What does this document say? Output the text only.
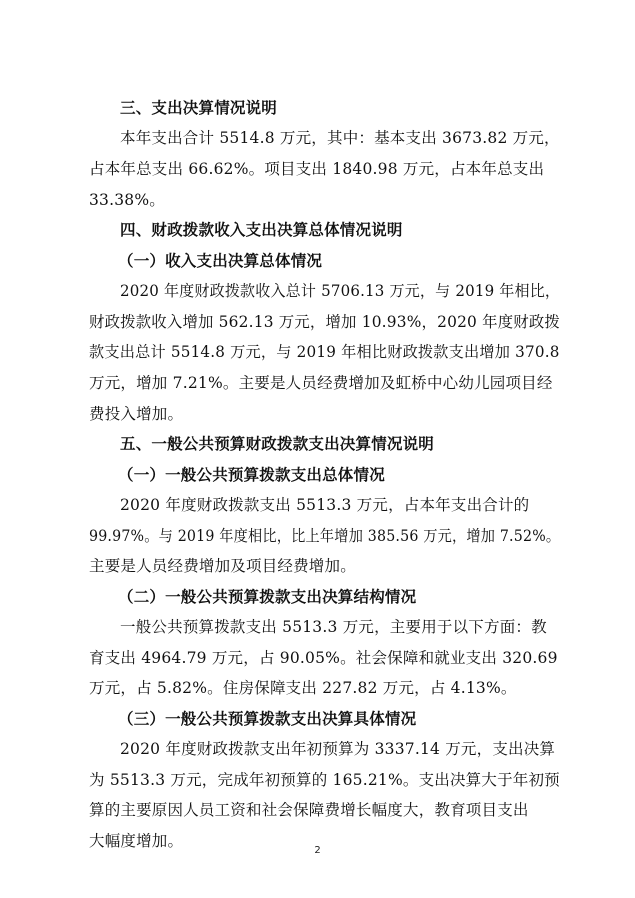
三、支出决算情况说明
本年支出合计 5514.8 万元，其中：基本支出 3673.82 万元，
占本年总支出 66.62%。项目支出 1840.98 万元，占本年总支出
33.38%。
四、财政拨款收入支出决算总体情况说明
（一）收入支出决算总体情况
2020 年度财政拨款收入总计 5706.13 万元，与 2019 年相比，
财政拨款收入增加 562.13 万元，增加 10.93%，2020 年度财政拨
款支出总计 5514.8 万元，与 2019 年相比财政拨款支出增加 370.8
万元，增加 7.21%。主要是人员经费增加及虹桥中心幼儿园项目经
费投入增加。
五、一般公共预算财政拨款支出决算情况说明
（一）一般公共预算拨款支出总体情况
2020 年度财政拨款支出 5513.3 万元，占本年支出合计的
99.97%。与 2019 年度相比，比上年增加 385.56 万元，增加 7.52%。
主要是人员经费增加及项目经费增加。
（二）一般公共预算拨款支出决算结构情况
一般公共预算拨款支出 5513.3 万元，主要用于以下方面：教
育支出 4964.79 万元，占 90.05%。社会保障和就业支出 320.69
万元，占 5.82%。住房保障支出 227.82 万元，占 4.13%。
（三）一般公共预算拨款支出决算具体情况
2020 年度财政拨款支出年初预算为 3337.14 万元，支出决算
为 5513.3 万元，完成年初预算的 165.21%。支出决算大于年初预
算的主要原因人员工资和社会保障费增长幅度大，教育项目支出
大幅度增加。
2
